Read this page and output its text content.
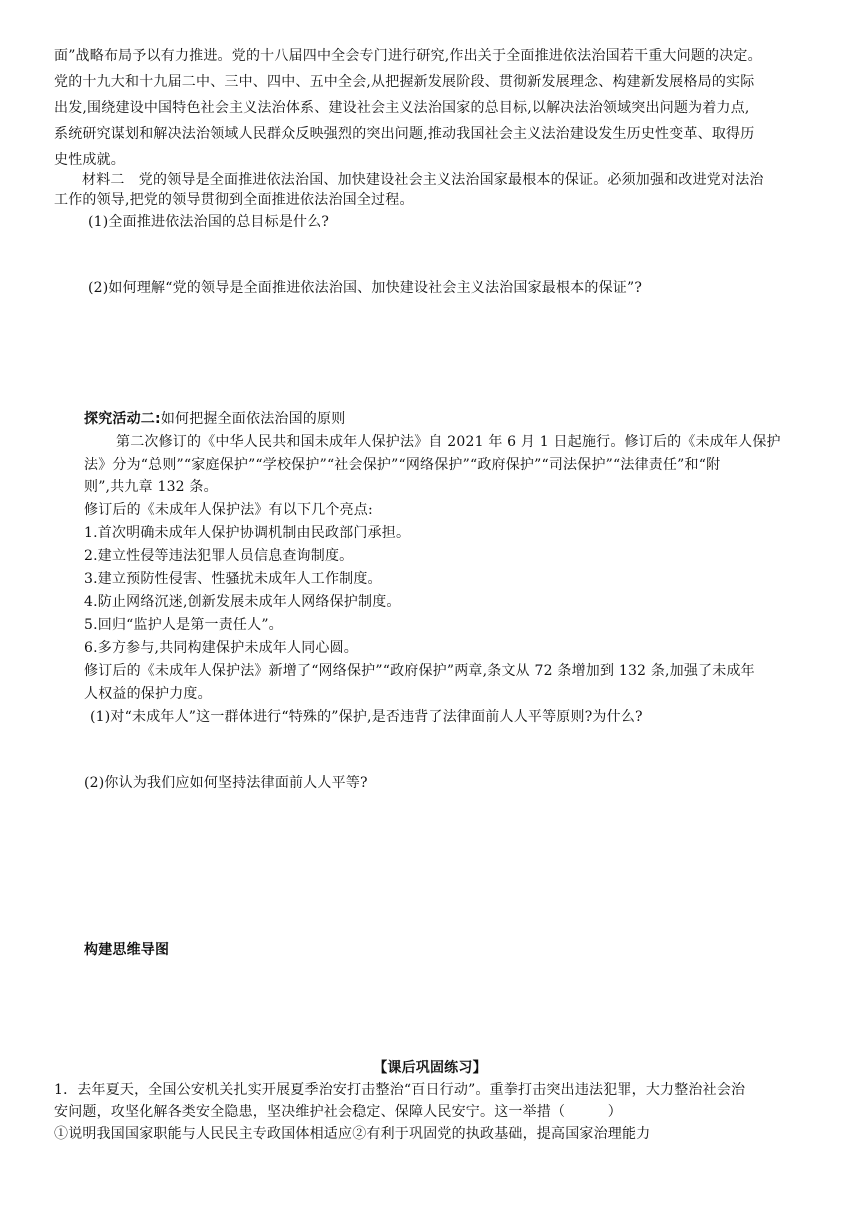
面”战略布局予以有力推进。党的十八届四中全会专门进行研究,作出关于全面推进依法治国若干重大问题的决定。
党的十九大和十九届二中、三中、四中、五中全会,从把握新发展阶段、贯彻新发展理念、构建新发展格局的实际
出发,围绕建设中国特色社会主义法治体系、建设社会主义法治国家的总目标,以解决法治领域突出问题为着力点,
系统研究谋划和解决法治领域人民群众反映强烈的突出问题,推动我国社会主义法治建设发生历史性变革、取得历
史性成就。
材料二　党的领导是全面推进依法治国、加快建设社会主义法治国家最根本的保证。必须加强和改进党对法治
工作的领导,把党的领导贯彻到全面推进依法治国全过程。
(1)全面推进依法治国的总目标是什么?
(2)如何理解“党的领导是全面推进依法治国、加快建设社会主义法治国家最根本的保证”?
探究活动二:如何把握全面依法治国的原则
第二次修订的《中华人民共和国未成年人保护法》自 2021 年 6 月 1 日起施行。修订后的《未成年人保护
法》分为“总则”“家庭保护”“学校保护”“社会保护”“网络保护”“政府保护”“司法保护”“法律责任”和“附
则”,共九章 132 条。
修订后的《未成年人保护法》有以下几个亮点:
1.首次明确未成年人保护协调机制由民政部门承担。
2.建立性侵等违法犯罪人员信息查询制度。
3.建立预防性侵害、性骚扰未成年人工作制度。
4.防止网络沉迷,创新发展未成年人网络保护制度。
5.回归“监护人是第一责任人”。
6.多方参与,共同构建保护未成年人同心圆。
修订后的《未成年人保护法》新增了“网络保护”“政府保护”两章,条文从 72 条增加到 132 条,加强了未成年
人权益的保护力度。
(1)对“未成年人”这一群体进行“特殊的”保护,是否违背了法律面前人人平等原则?为什么?
(2)你认为我们应如何坚持法律面前人人平等?
构建思维导图
【课后巩固练习】
1．去年夏天，全国公安机关扎实开展夏季治安打击整治“百日行动”。重拳打击突出违法犯罪，大力整治社会治
安问题，攻坚化解各类安全隐患，坚决维护社会稳定、保障人民安宁。这一举措（　　　）
①说明我国国家职能与人民民主专政国体相适应②有利于巩固党的执政基础，提高国家治理能力
